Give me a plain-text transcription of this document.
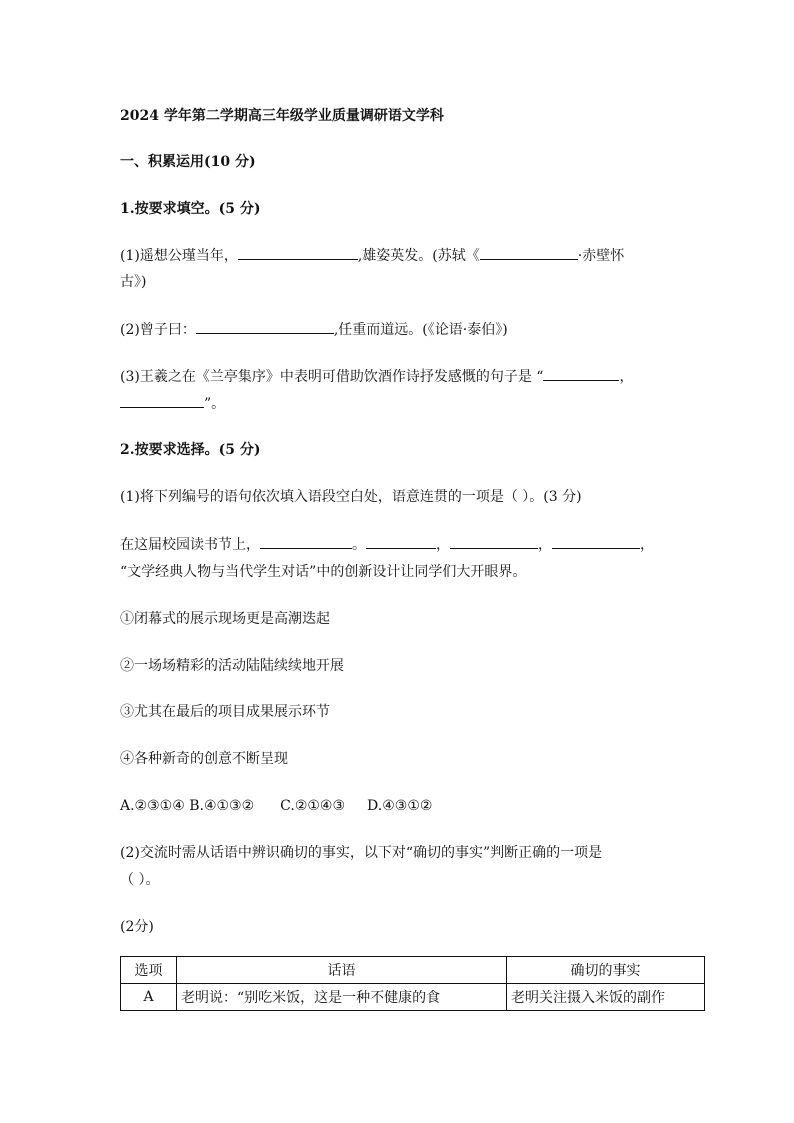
2024 学年第二学期高三年级学业质量调研语文学科
一、积累运用(10 分)
1.按要求填空。(5 分)
(1)遥想公瑾当年，	,雄姿英发。(苏轼《	·赤壁怀
古》)
(2)曾子曰：	,任重而道远。(《论语·泰伯》)
(3)王羲之在《兰亭集序》中表明可借助饮酒作诗抒发感慨的句子是 “	，
”。
2.按要求选择。(5 分)
(1)将下列编号的语句依次填入语段空白处，语意连贯的一项是（ ）。(3 分)
在这届校园读书节上，	。	，	，	，
“文学经典人物与当代学生对话”中的创新设计让同学们大开眼界。
①闭幕式的展示现场更是高潮迭起
②一场场精彩的活动陆陆续续地开展
③尤其在最后的项目成果展示环节
④各种新奇的创意不断呈现
A.②③①④ B.④①③② C.②①④③ D.④③①②
(2)交流时需从话语中辨识确切的事实，以下对“确切的事实”判断正确的一项是
（ ）。
(2分)
选项	话语	确切的事实
A	老明说：“别吃米饭，这是一种不健康的食	老明关注摄入米饭的副作
